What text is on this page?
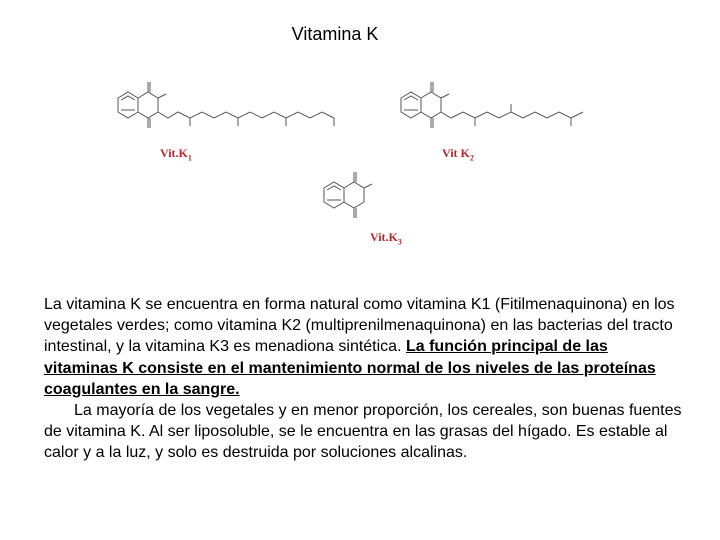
Vitamina K
$Vit.K_1$	Vit $K_2$
$Vit.K_3$

La vitamina K se encuentra en forma natural como vitamina K1 (Fitilmenaquinona) en los vegetales verdes; como vitamina K2 (multiprenilmenaquinona) en las bacterias del tracto intestinal, y la vitamina K3 es menadiona sintética. La función principal de las vitaminas K consiste en el mantenimiento normal de los niveles de las proteínas coagulantes en la sangre.

La mayoría de los vegetales y en menor proporción, los cereales, son buenas fuentes de vitamina K. Al ser liposoluble, se le encuentra en las grasas del hígado. Es estable al calor y a la luz, y solo es destruida por soluciones alcalinas.
